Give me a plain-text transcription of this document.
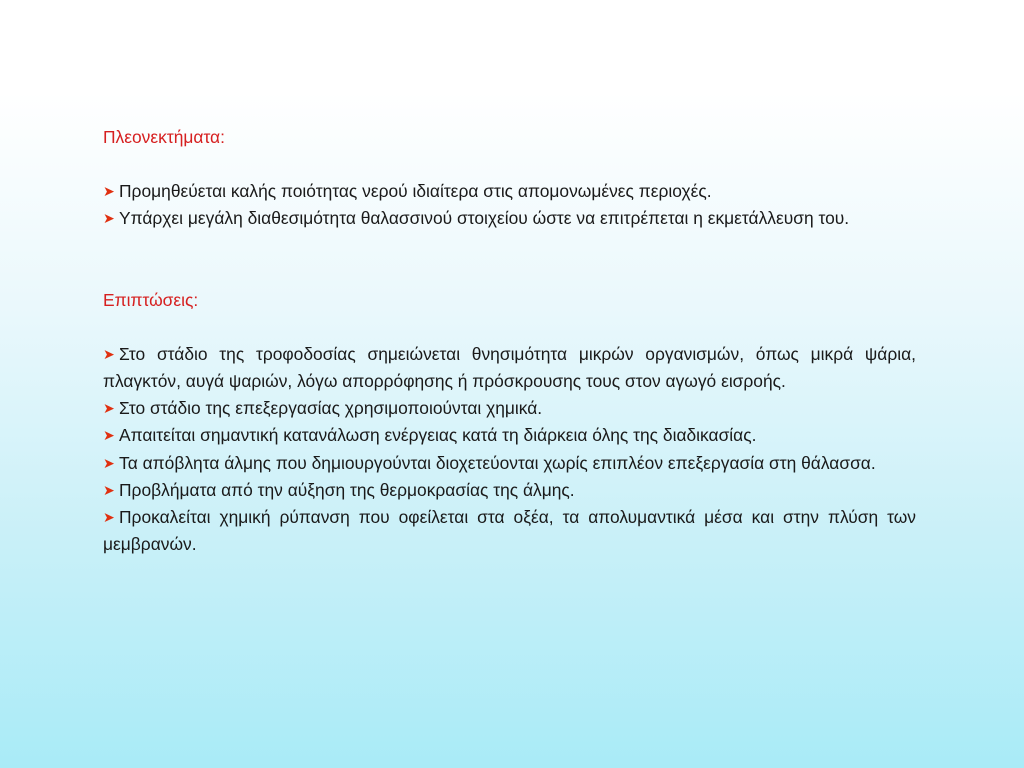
Πλεονεκτήματα:

➤ Προμηθεύεται καλής ποιότητας νερού ιδιαίτερα στις απομονωμένες περιοχές.

➤ Υπάρχει μεγάλη διαθεσιμότητα θαλασσινού στοιχείου ώστε να επιτρέπεται η εκμετάλλευση του.

Επιπτώσεις:

➤ Στο στάδιο της τροφοδοσίας σημειώνεται θνησιμότητα μικρών οργανισμών, όπως μικρά ψάρια, πλαγκτόν, αυγά ψαριών, λόγω απορρόφησης ή πρόσκρουσης τους στον αγωγό εισροής.

➤ Στο στάδιο της επεξεργασίας χρησιμοποιούνται χημικά.

➤ Απαιτείται σημαντική κατανάλωση ενέργειας κατά τη διάρκεια όλης της διαδικασίας.

➤ Τα απόβλητα άλμης που δημιουργούνται διοχετεύονται χωρίς επιπλέον επεξεργασία στη θάλασσα.

➤ Προβλήματα από την αύξηση της θερμοκρασίας της άλμης.

➤ Προκαλείται χημική ρύπανση που οφείλεται στα οξέα, τα απολυμαντικά μέσα και στην πλύση των μεμβρανών.
